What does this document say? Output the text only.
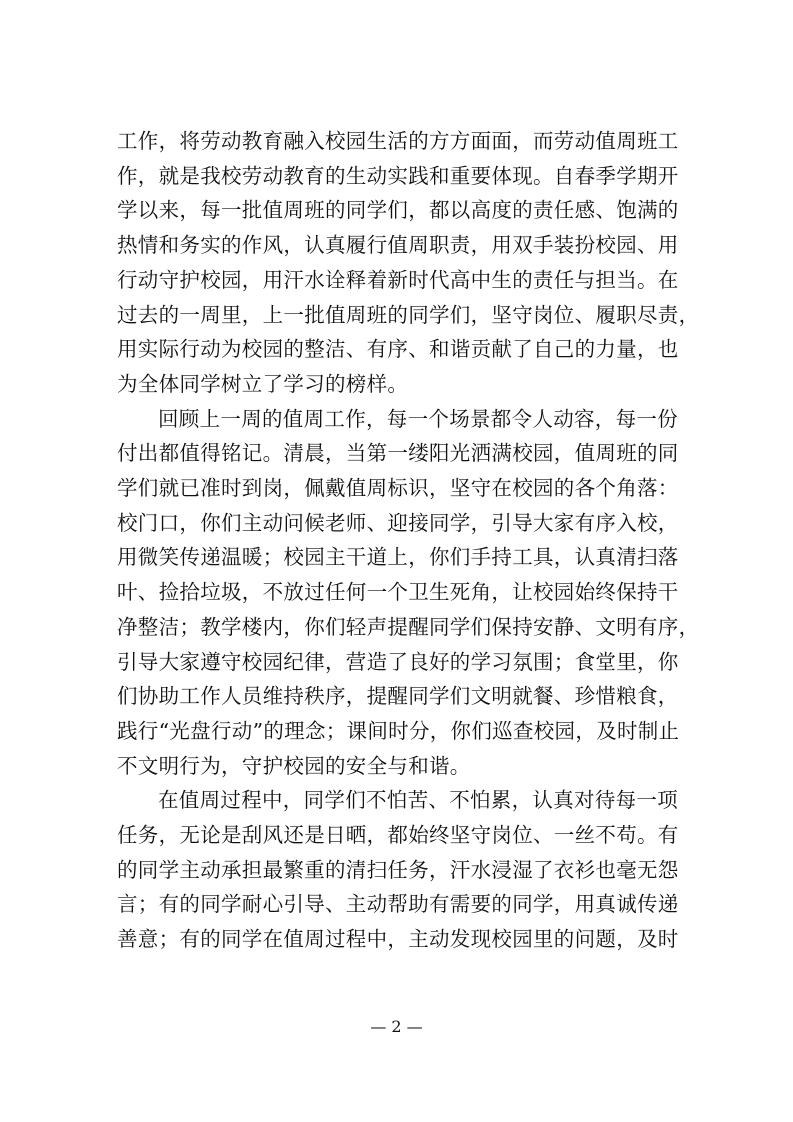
工作，将劳动教育融入校园生活的方方面面，而劳动值周班工
作，就是我校劳动教育的生动实践和重要体现。自春季学期开
学以来，每一批值周班的同学们，都以高度的责任感、饱满的
热情和务实的作风，认真履行值周职责，用双手装扮校园、用
行动守护校园，用汗水诠释着新时代高中生的责任与担当。在
过去的一周里，上一批值周班的同学们，坚守岗位、履职尽责，
用实际行动为校园的整洁、有序、和谐贡献了自己的力量，也
为全体同学树立了学习的榜样。

回顾上一周的值周工作，每一个场景都令人动容，每一份
付出都值得铭记。清晨，当第一缕阳光洒满校园，值周班的同
学们就已准时到岗，佩戴值周标识，坚守在校园的各个角落：
校门口，你们主动问候老师、迎接同学，引导大家有序入校，
用微笑传递温暖；校园主干道上，你们手持工具，认真清扫落
叶、捡拾垃圾，不放过任何一个卫生死角，让校园始终保持干
净整洁；教学楼内，你们轻声提醒同学们保持安静、文明有序，
引导大家遵守校园纪律，营造了良好的学习氛围；食堂里，你
们协助工作人员维持秩序，提醒同学们文明就餐、珍惜粮食，
践行“光盘行动”的理念；课间时分，你们巡查校园，及时制止
不文明行为，守护校园的安全与和谐。

在值周过程中，同学们不怕苦、不怕累，认真对待每一项
任务，无论是刮风还是日晒，都始终坚守岗位、一丝不苟。有
的同学主动承担最繁重的清扫任务，汗水浸湿了衣衫也毫无怨
言；有的同学耐心引导、主动帮助有需要的同学，用真诚传递
善意；有的同学在值周过程中，主动发现校园里的问题，及时

— 2 —
